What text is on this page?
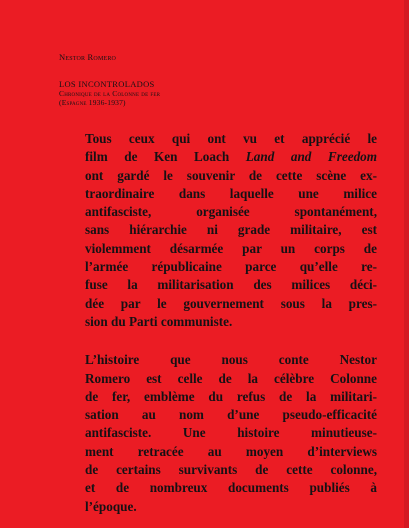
Nestor Romero
LOS INCONTROLADOS
Chronique de la Colonne de fer
(Espagne 1936-1937)
Tous ceux qui ont vu et apprécié le
film de Ken Loach Land and Freedom
ont gardé le souvenir de cette scène ex-
traordinaire dans laquelle une milice
antifasciste, organisée spontanément,
sans hiérarchie ni grade militaire, est
violemment désarmée par un corps de
l’armée républicaine parce qu’elle re-
fuse la militarisation des milices déci-
dée par le gouvernement sous la pres-
sion du Parti communiste.
L’histoire que nous conte Nestor
Romero est celle de la célèbre Colonne
de fer, emblème du refus de la militari-
sation au nom d’une pseudo-efficacité
antifasciste. Une histoire minutieuse-
ment retracée au moyen d’interviews
de certains survivants de cette colonne,
et de nombreux documents publiés à
l’époque.
